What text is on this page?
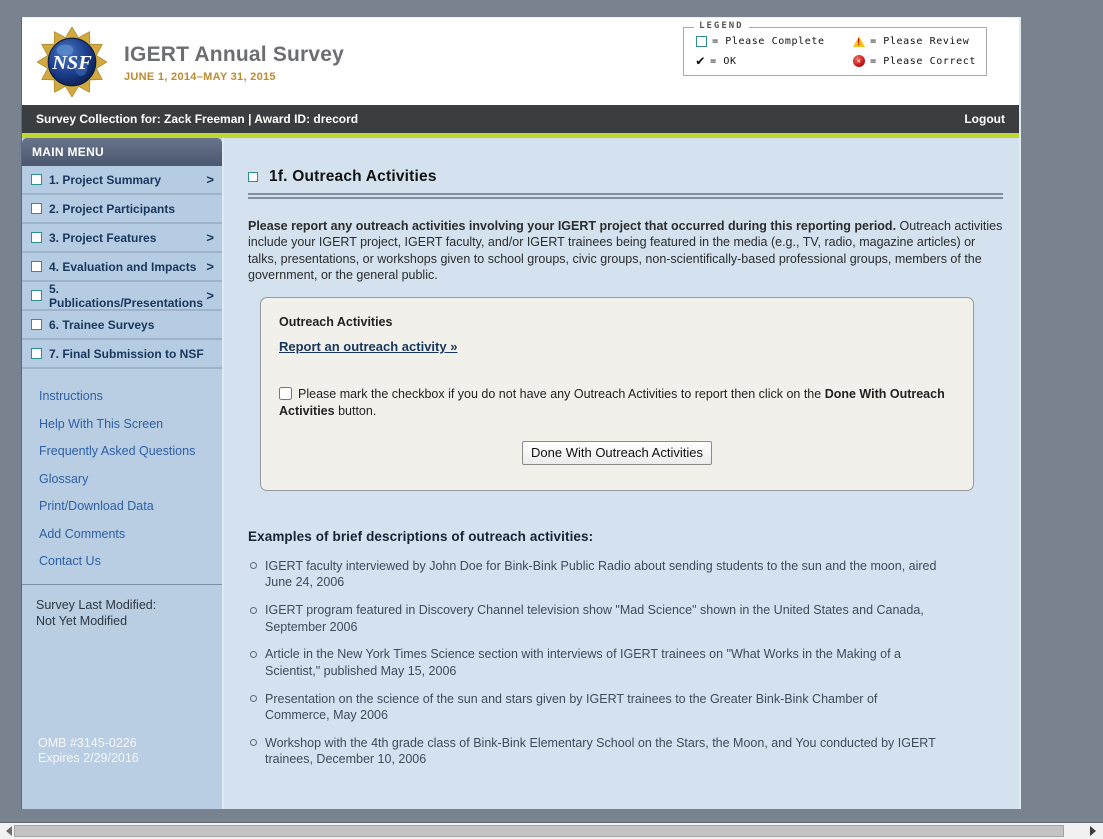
NSF IGERT Annual Survey
JUNE 1, 2014–MAY 31, 2015
LEGEND
= Please Complete !	= Please Review
✔ = OK ✕	= Please Correct
Survey Collection for: Zack Freeman | Award ID: drecord	Logout
MAIN MENU
1. Project Summary	>
2. Project Participants
3. Project Features	>
4. Evaluation and Impacts >
5. Publications/Presentations >
6. Trainee Surveys
7. Final Submission to NSF
Instructions
Help With This Screen
Frequently Asked Questions
Glossary
Print/Download Data
Add Comments
Contact Us
Survey Last Modified:
Not Yet Modified
1f. Outreach Activities

Please report any outreach activities involving your IGERT project that occurred during this reporting period. Outreach activities include your IGERT project, IGERT faculty, and/or IGERT trainees being featured in the media (e.g., TV, radio, magazine articles) or talks, presentations, or workshops given to school groups, civic groups, non-scientifically-based professional groups, members of the government, or the general public.

Outreach Activities
Report an outreach activity »
Please mark the checkbox if you do not have any Outreach Activities to report then click on the Done With Outreach Activities button.
Done With Outreach Activities
Examples of brief descriptions of outreach activities:
IGERT faculty interviewed by John Doe for Bink-Bink Public Radio about sending students to the sun and the moon, aired June 24, 2006
IGERT program featured in Discovery Channel television show "Mad Science" shown in the United States and Canada, September 2006
Article in the New York Times Science section with interviews of IGERT trainees on "What Works in the Making of a Scientist," published May 15, 2006
Presentation on the science of the sun and stars given by IGERT trainees to the Greater Bink-Bink Chamber of Commerce, May 2006
Workshop with the 4th grade class of Bink-Bink Elementary School on the Stars, the Moon, and You conducted by IGERT trainees, December 10, 2006
OMB #3145-0226
Expires 2/29/2016
